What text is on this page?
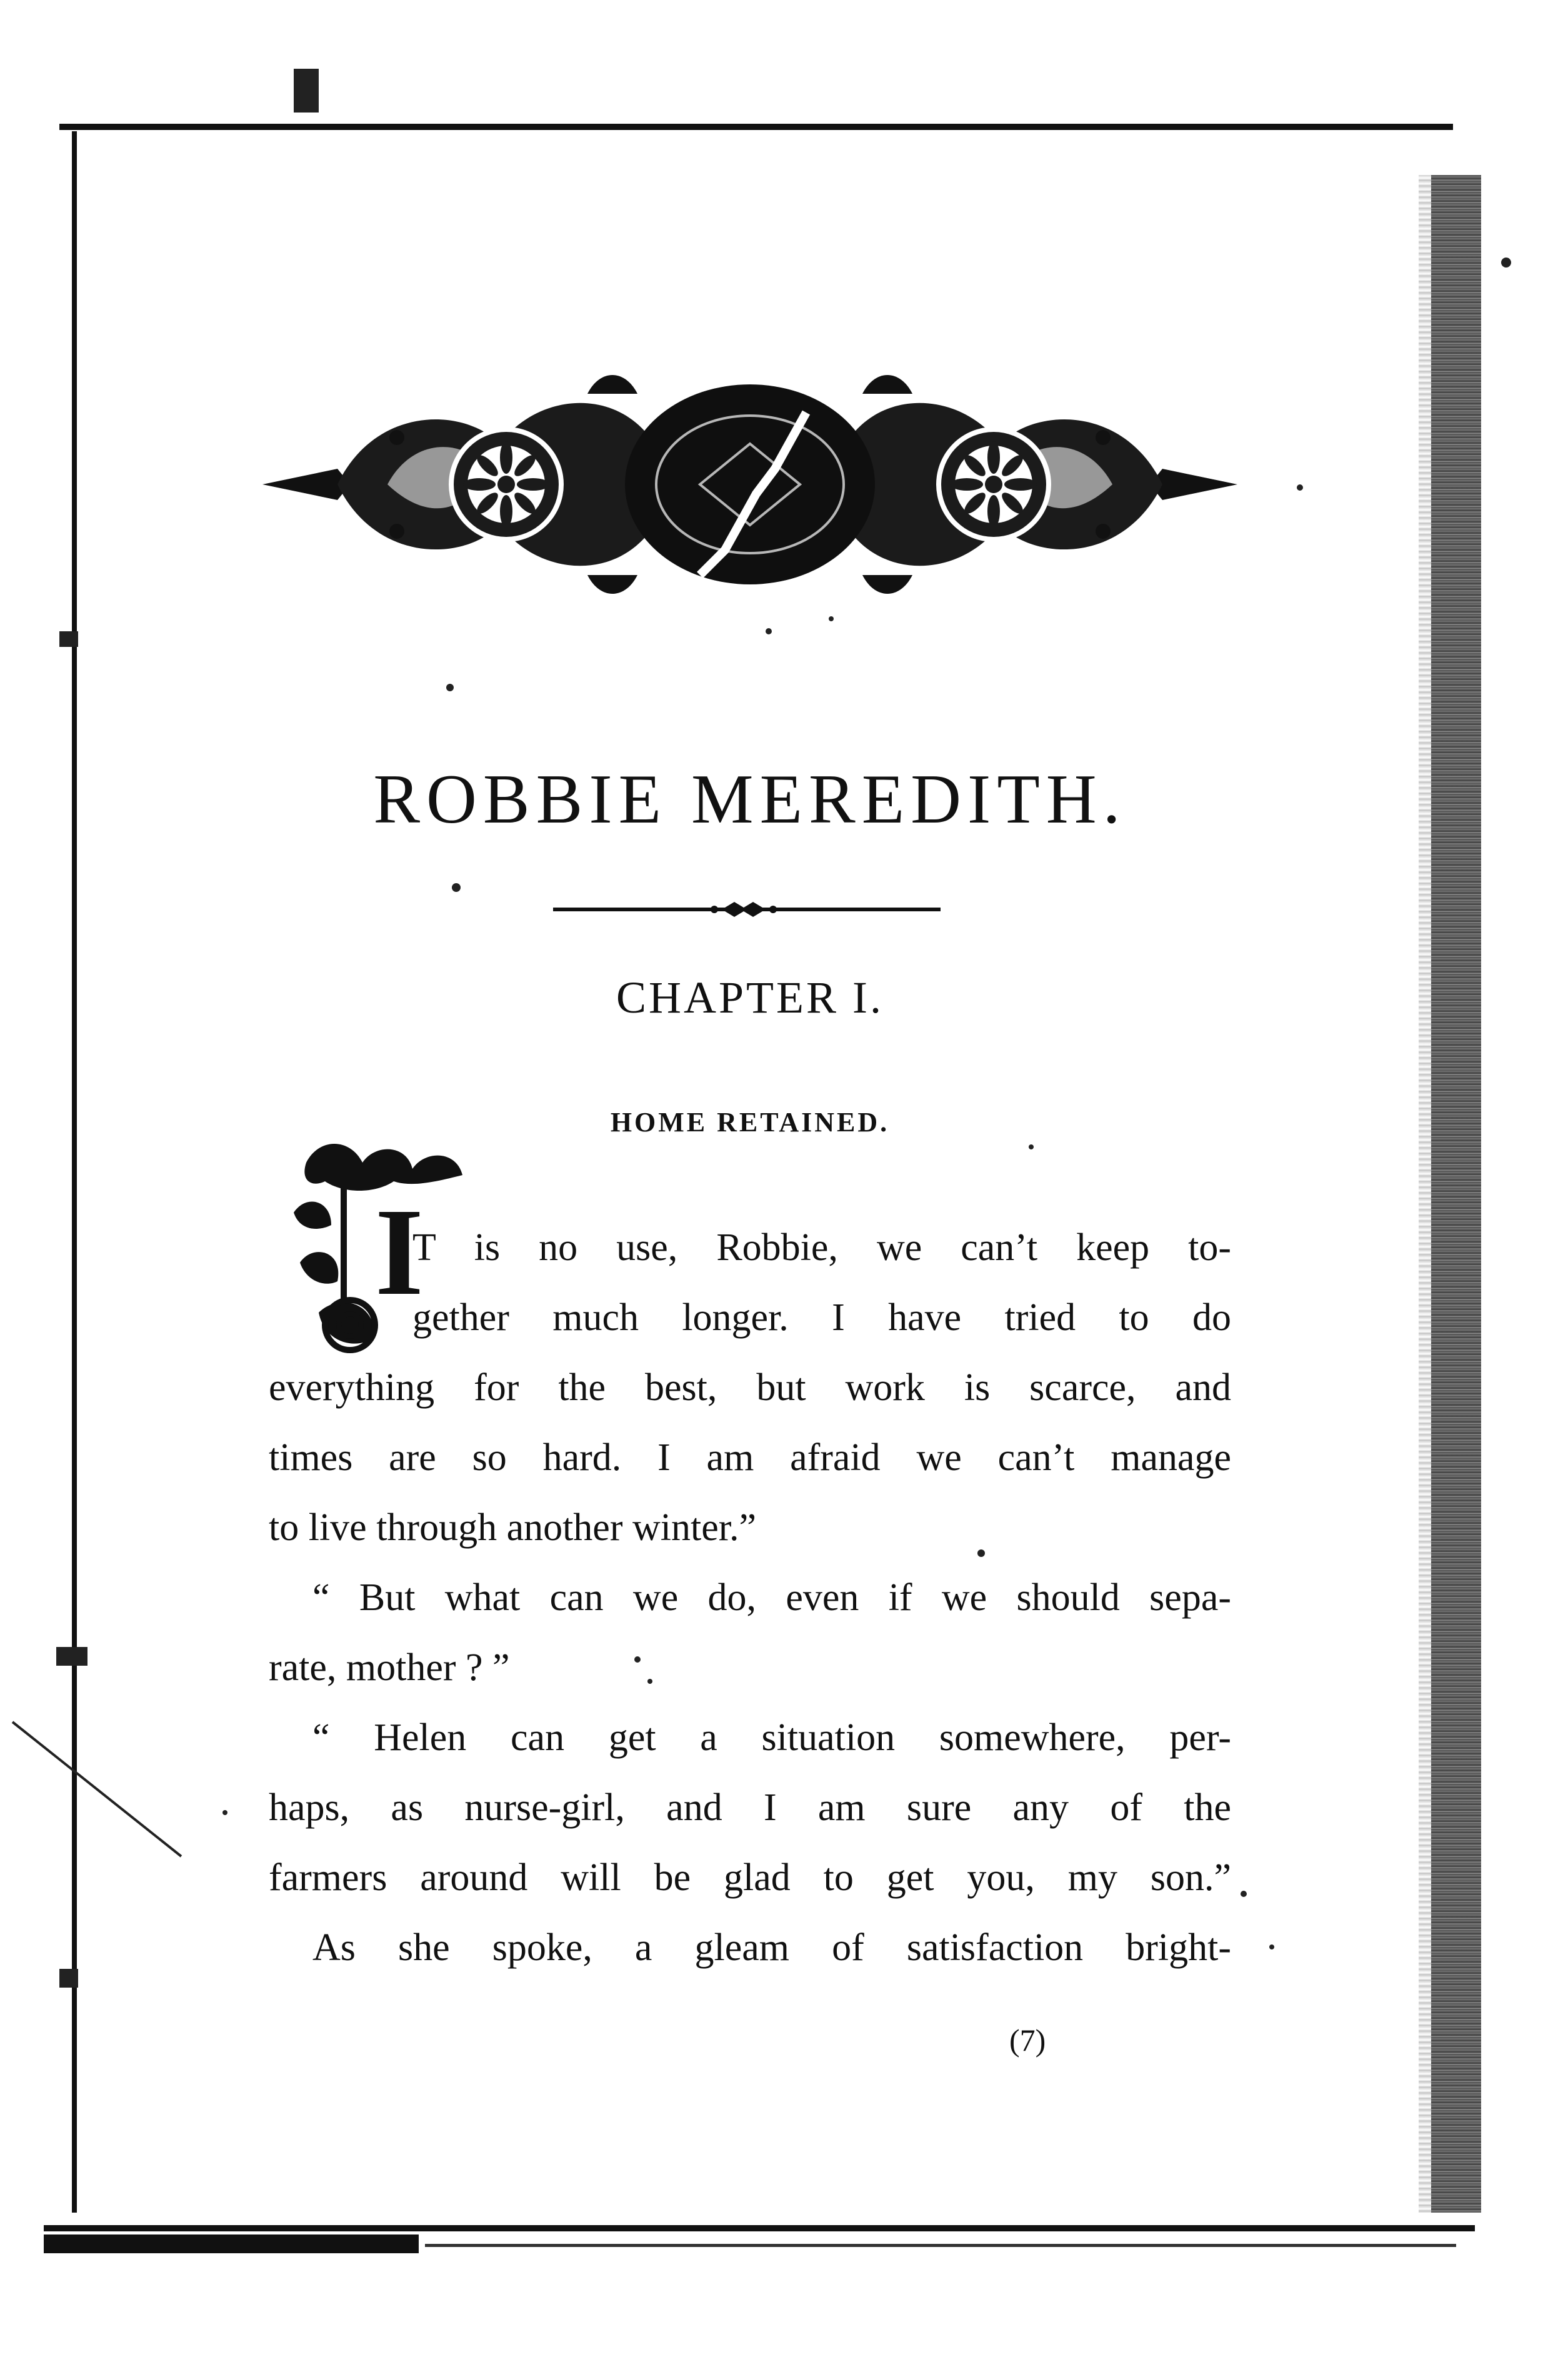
ROBBIE MEREDITH.
CHAPTER I.
HOME RETAINED.
I
T is no use, Robbie, we can’t keep to-
gether much longer. I have tried to do
everything for the best, but work is scarce, and
times are so hard. I am afraid we can’t manage
to live through another winter.”
“ But what can we do, even if we should sepa-
rate, mother ? ”
“ Helen can get a situation somewhere, per-
haps, as nurse-girl, and I am sure any of the
farmers around will be glad to get you, my son.”
As she spoke, a gleam of satisfaction bright-

(7)
